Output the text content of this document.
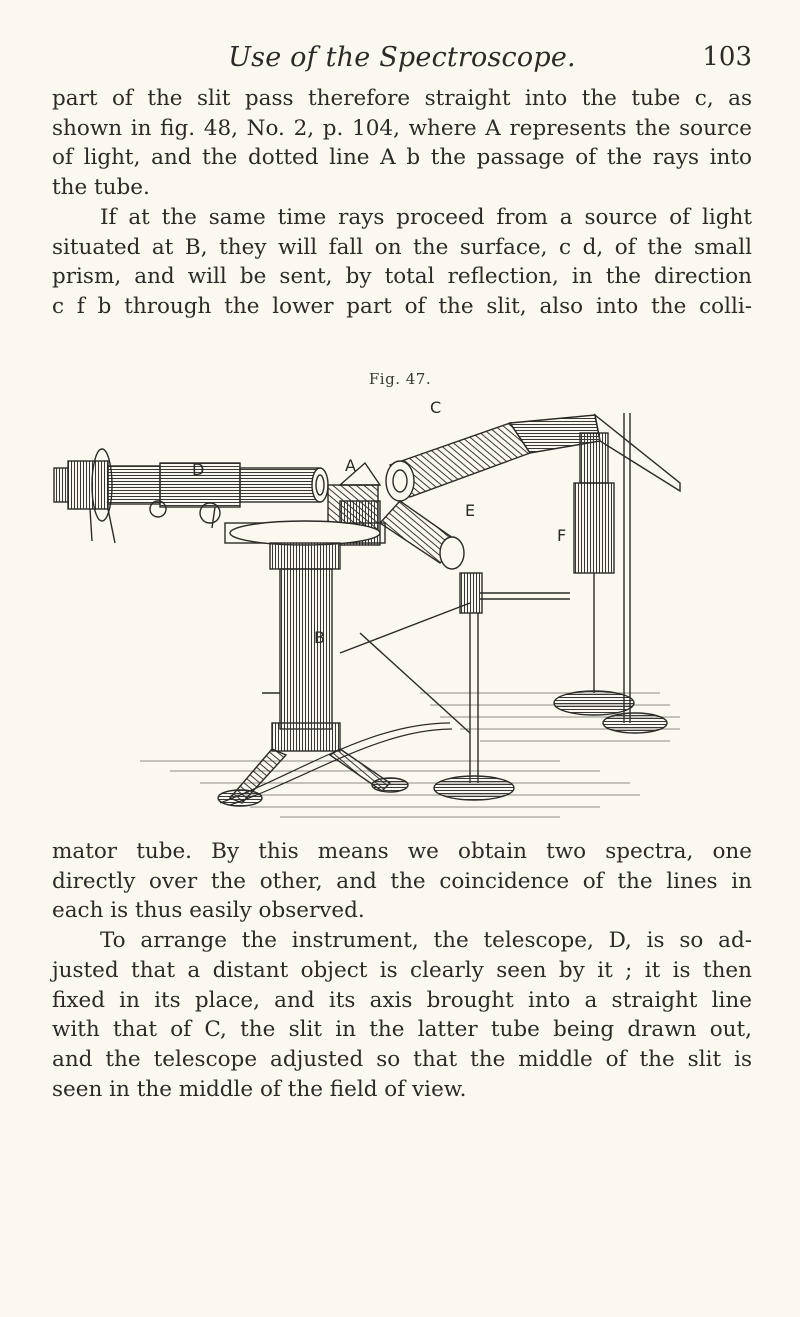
Use of the Spectroscope.	103
part of the slit pass therefore straight into the tube c, as
shown in fig. 48, No. 2, p. 104, where A represents the source
of light, and the dotted line A b the passage of the rays into
the tube.
If at the same time rays proceed from a source of light
situated at B, they will fall on the surface, c d, of the small
prism, and will be sent, by total reflection, in the direction
c f b through the lower part of the slit, also into the colli-
Fig. 47.
D	A
C
E
F
B
mator tube. By this means we obtain two spectra, one
directly over the other, and the coincidence of the lines in
each is thus easily observed.
To arrange the instrument, the telescope, D, is so ad-
justed that a distant object is clearly seen by it ; it is then
fixed in its place, and its axis brought into a straight line
with that of C, the slit in the latter tube being drawn out,
and the telescope adjusted so that the middle of the slit is
seen in the middle of the field of view.
